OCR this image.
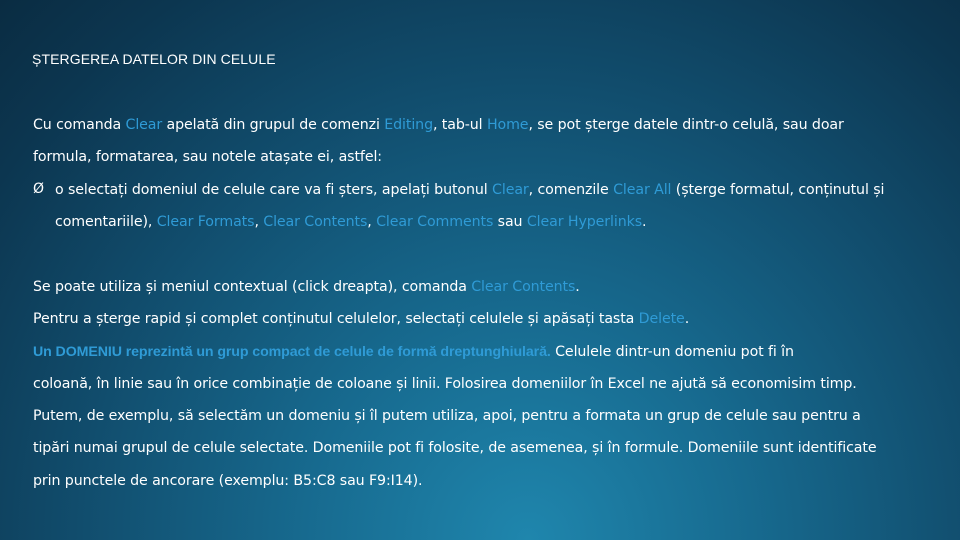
ȘTERGEREA DATELOR DIN CELULE
Cu comanda Clear apelată din grupul de comenzi Editing, tab-ul Home, se pot șterge datele dintr-o celulă, sau doar
formula, formatarea, sau notele atașate ei, astfel:
Ø o selectați domeniul de celule care va fi șters, apelați butonul Clear, comenzile Clear All (șterge formatul, conținutul și
comentariile), Clear Formats, Clear Contents, Clear Comments sau Clear Hyperlinks.
Se poate utiliza și meniul contextual (click dreapta), comanda Clear Contents.
Pentru a șterge rapid și complet conținutul celulelor, selectați celulele și apăsați tasta Delete.
Un DOMENIU reprezintă un grup compact de celule de formă dreptunghiulară. Celulele dintr-un domeniu pot fi în
coloană, în linie sau în orice combinație de coloane și linii. Folosirea domeniilor în Excel ne ajută să economisim timp.
Putem, de exemplu, să selectăm un domeniu și îl putem utiliza, apoi, pentru a formata un grup de celule sau pentru a
tipări numai grupul de celule selectate. Domeniile pot fi folosite, de asemenea, și în formule. Domeniile sunt identificate
prin punctele de ancorare (exemplu: B5:C8 sau F9:I14).
